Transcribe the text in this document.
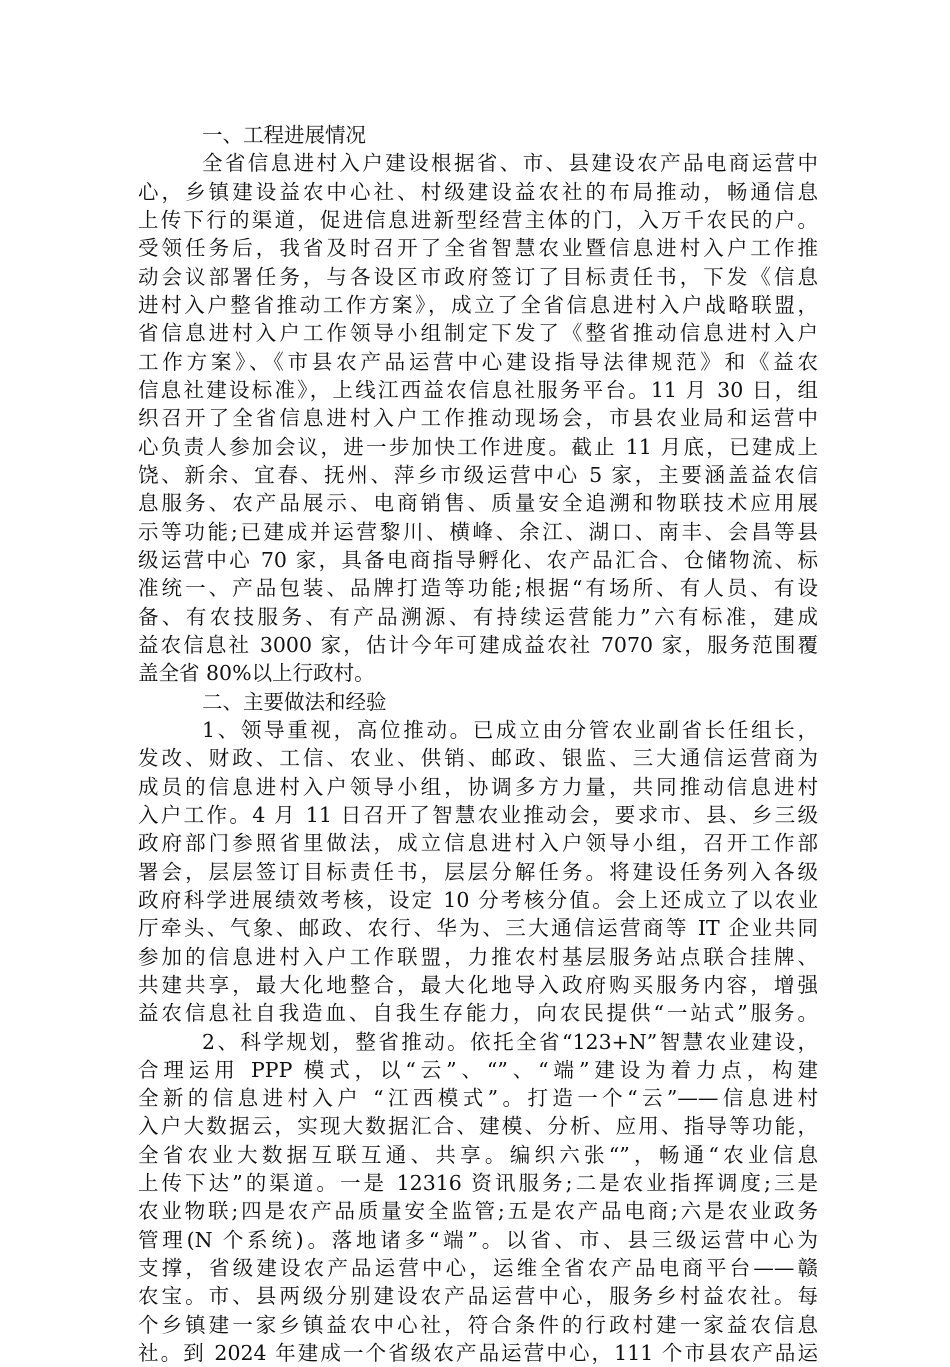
一、工程进展情况
全省信息进村入户建设根据省、市、县建设农产品电商运营中
心，乡镇建设益农中心社、村级建设益农社的布局推动，畅通信息
上传下行的渠道，促进信息进新型经营主体的门，入万千农民的户。
受领任务后，我省及时召开了全省智慧农业暨信息进村入户工作推
动会议部署任务，与各设区市政府签订了目标责任书，下发《信息
进村入户整省推动工作方案》，成立了全省信息进村入户战略联盟，
省信息进村入户工作领导小组制定下发了《整省推动信息进村入户
工作方案》、《市县农产品运营中心建设指导法律规范》和《益农
信息社建设标准》，上线江西益农信息社服务平台。11 月 30 日，组
织召开了全省信息进村入户工作推动现场会，市县农业局和运营中
心负责人参加会议，进一步加快工作进度。截止 11 月底，已建成上
饶、新余、宜春、抚州、萍乡市级运营中心 5 家，主要涵盖益农信
息服务、农产品展示、电商销售、质量安全追溯和物联技术应用展
示等功能;已建成并运营黎川、横峰、余江、湖口、南丰、会昌等县
级运营中心 70 家，具备电商指导孵化、农产品汇合、仓储物流、标
准统一、产品包装、品牌打造等功能;根据“有场所、有人员、有设
备、有农技服务、有产品溯源、有持续运营能力”六有标准，建成
益农信息社 3000 家，估计今年可建成益农社 7070 家，服务范围覆
盖全省 80%以上行政村。
二、主要做法和经验
1、领导重视，高位推动。已成立由分管农业副省长任组长，
发改、财政、工信、农业、供销、邮政、银监、三大通信运营商为
成员的信息进村入户领导小组，协调多方力量，共同推动信息进村
入户工作。4 月 11 日召开了智慧农业推动会，要求市、县、乡三级
政府部门参照省里做法，成立信息进村入户领导小组，召开工作部
署会，层层签订目标责任书，层层分解任务。将建设任务列入各级
政府科学进展绩效考核，设定 10 分考核分值。会上还成立了以农业
厅牵头、气象、邮政、农行、华为、三大通信运营商等 IT 企业共同
参加的信息进村入户工作联盟，力推农村基层服务站点联合挂牌、
共建共享，最大化地整合，最大化地导入政府购买服务内容，增强
益农信息社自我造血、自我生存能力，向农民提供“一站式”服务。
2、科学规划，整省推动。依托全省“123+N”智慧农业建设，
合理运用 PPP 模式，以“云”、“”、“端”建设为着力点，构建
全新的信息进村入户 “江西模式”。打造一个“云”——信息进村
入户大数据云，实现大数据汇合、建模、分析、应用、指导等功能，
全省农业大数据互联互通、共享。编织六张“”，畅通“农业信息
上传下达”的渠道。一是 12316 资讯服务;二是农业指挥调度;三是
农业物联;四是农产品质量安全监管;五是农产品电商;六是农业政务
管理(N 个系统)。落地诸多“端”。以省、市、县三级运营中心为
支撑，省级建设农产品运营中心，运维全省农产品电商平台——赣
农宝。市、县两级分别建设农产品运营中心，服务乡村益农社。每
个乡镇建一家乡镇益农中心社，符合条件的行政村建一家益农信息
社。到 2024 年建成一个省级农产品运营中心，111 个市县农产品运
